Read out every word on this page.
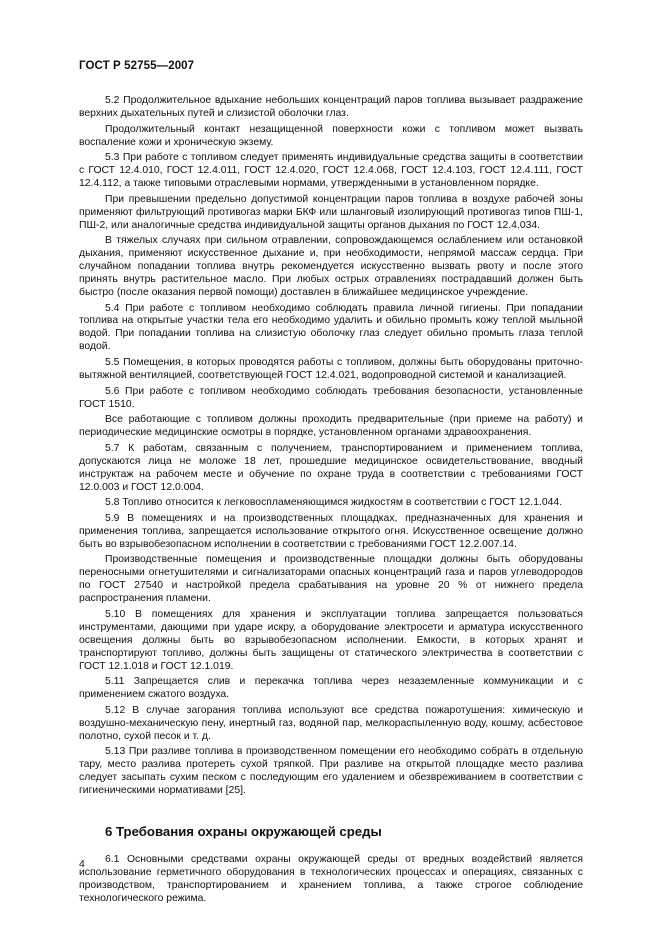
ГОСТ Р 52755—2007

5.2 Продолжительное вдыхание небольших концентраций паров топлива вызывает раздражение верхних дыхательных путей и слизистой оболочки глаз.

Продолжительный контакт незащищенной поверхности кожи с топливом может вызвать воспаление кожи и хроническую экзему.

5.3 При работе с топливом следует применять индивидуальные средства защиты в соответствии с ГОСТ 12.4.010, ГОСТ 12.4.011, ГОСТ 12.4.020, ГОСТ 12.4.068, ГОСТ 12.4.103, ГОСТ 12.4.111, ГОСТ 12.4.112, а также типовыми отраслевыми нормами, утвержденными в установленном порядке.

При превышении предельно допустимой концентрации паров топлива в воздухе рабочей зоны применяют фильтрующий противогаз марки БКФ или шланговый изолирующий противогаз типов ПШ-1, ПШ-2, или аналогичные средства индивидуальной защиты органов дыхания по ГОСТ 12.4.034.

В тяжелых случаях при сильном отравлении, сопровождающемся ослаблением или остановкой дыхания, применяют искусственное дыхание и, при необходимости, непрямой массаж сердца. При случайном попадании топлива внутрь рекомендуется искусственно вызвать рвоту и после этого принять внутрь растительное масло. При любых острых отравлениях пострадавший должен быть быстро (после оказания первой помощи) доставлен в ближайшее медицинское учреждение.

5.4 При работе с топливом необходимо соблюдать правила личной гигиены. При попадании топлива на открытые участки тела его необходимо удалить и обильно промыть кожу теплой мыльной водой. При попадании топлива на слизистую оболочку глаз следует обильно промыть глаза теплой водой.

5.5 Помещения, в которых проводятся работы с топливом, должны быть оборудованы приточно-вытяжной вентиляцией, соответствующей ГОСТ 12.4.021, водопроводной системой и канализацией.

5.6 При работе с топливом необходимо соблюдать требования безопасности, установленные ГОСТ 1510.

Все работающие с топливом должны проходить предварительные (при приеме на работу) и периодические медицинские осмотры в порядке, установленном органами здравоохранения.

5.7 К работам, связанным с получением, транспортированием и применением топлива, допускаются лица не моложе 18 лет, прошедшие медицинское освидетельствование, вводный инструктаж на рабочем месте и обучение по охране труда в соответствии с требованиями ГОСТ 12.0.003 и ГОСТ 12.0.004.

5.8 Топливо относится к легковоспламеняющимся жидкостям в соответствии с ГОСТ 12.1.044.

5.9 В помещениях и на производственных площадках, предназначенных для хранения и применения топлива, запрещается использование открытого огня. Искусственное освещение должно быть во взрывобезопасном исполнении в соответствии с требованиями ГОСТ 12.2.007.14.

Производственные помещения и производственные площадки должны быть оборудованы переносными огнетушителями и сигнализаторами опасных концентраций газа и паров углеводородов по ГОСТ 27540 и настройкой предела срабатывания на уровне 20 % от нижнего предела распространения пламени.

5.10 В помещениях для хранения и эксплуатации топлива запрещается пользоваться инструментами, дающими при ударе искру, а оборудование электросети и арматура искусственного освещения должны быть во взрывобезопасном исполнении. Емкости, в которых хранят и транспортируют топливо, должны быть защищены от статического электричества в соответствии с ГОСТ 12.1.018 и ГОСТ 12.1.019.

5.11 Запрещается слив и перекачка топлива через незаземленные коммуникации и с применением сжатого воздуха.

5.12 В случае загорания топлива используют все средства пожаротушения: химическую и воздушно-механическую пену, инертный газ, водяной пар, мелкораспыленную воду, кошму, асбестовое полотно, сухой песок и т. д.

5.13 При разливе топлива в производственном помещении его необходимо собрать в отдельную тару, место разлива протереть сухой тряпкой. При разливе на открытой площадке место разлива следует засыпать сухим песком с последующим его удалением и обезвреживанием в соответствии с гигиеническими нормативами [25].

6 Требования охраны окружающей среды

6.1 Основными средствами охраны окружающей среды от вредных воздействий является использование герметичного оборудования в технологических процессах и операциях, связанных с производством, транспортированием и хранением топлива, а также строгое соблюдение технологического режима.

4
